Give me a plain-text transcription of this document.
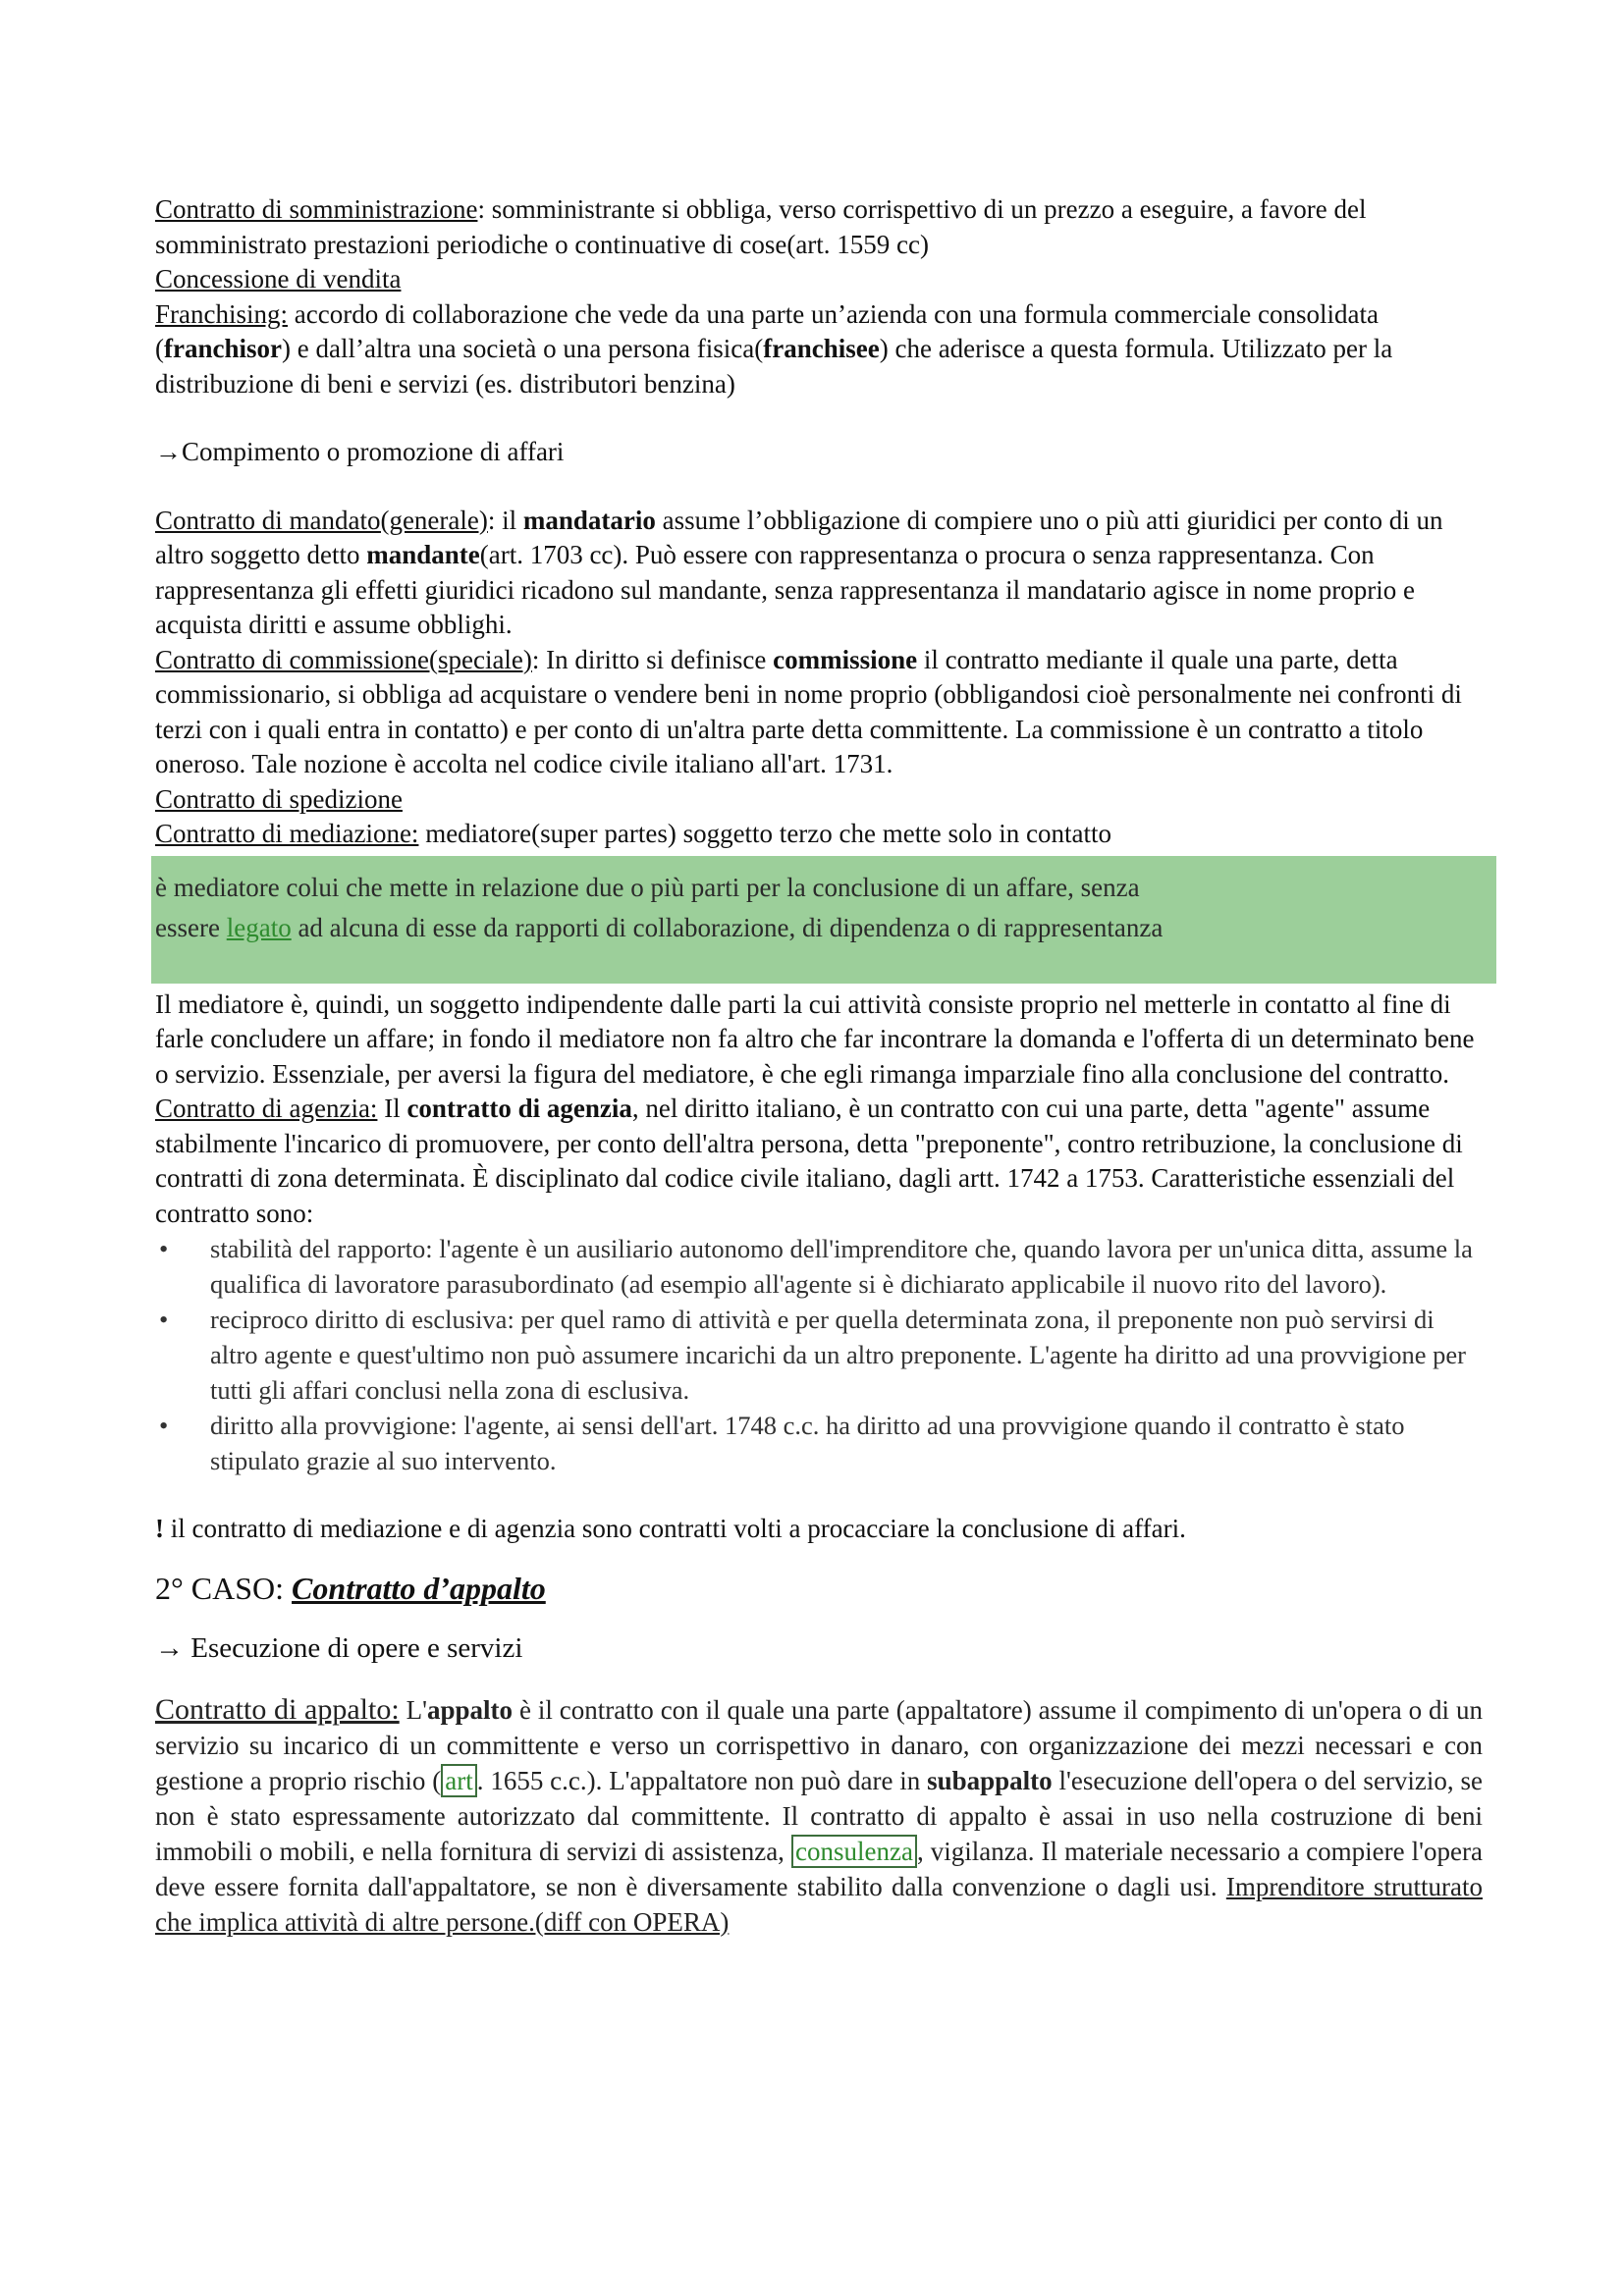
Contratto di somministrazione: somministrante si obbliga, verso corrispettivo di un prezzo a eseguire, a favore del somministrato prestazioni periodiche o continuative di cose(art. 1559 cc)

Concessione di vendita

Franchising: accordo di collaborazione che vede da una parte un’azienda con una formula commerciale consolidata (franchisor) e dall’altra una società o una persona fisica(franchisee) che aderisce a questa formula. Utilizzato per la distribuzione di beni e servizi (es. distributori benzina)

→Compimento o promozione di affari

Contratto di mandato(generale): il mandatario assume l’obbligazione di compiere uno o più atti giuridici per conto di un altro soggetto detto mandante(art. 1703 cc). Può essere con rappresentanza o procura o senza rappresentanza. Con rappresentanza gli effetti giuridici ricadono sul mandante, senza rappresentanza il mandatario agisce in nome proprio e acquista diritti e assume obblighi.

Contratto di commissione(speciale): In diritto si definisce commissione il contratto mediante il quale una parte, detta commissionario, si obbliga ad acquistare o vendere beni in nome proprio (obbligandosi cioè personalmente nei confronti di terzi con i quali entra in contatto) e per conto di un'altra parte detta committente. La commissione è un contratto a titolo oneroso. Tale nozione è accolta nel codice civile italiano all'art. 1731.

Contratto di spedizione

Contratto di mediazione: mediatore(super partes) soggetto terzo che mette solo in contatto

è mediatore colui che mette in relazione due o più parti per la conclusione di un affare, senza

essere legato ad alcuna di esse da rapporti di collaborazione, di dipendenza o di rappresentanza

Il mediatore è, quindi, un soggetto indipendente dalle parti la cui attività consiste proprio nel metterle in contatto al fine di farle concludere un affare; in fondo il mediatore non fa altro che far incontrare la domanda e l'offerta di un determinato bene o servizio. Essenziale, per aversi la figura del mediatore, è che egli rimanga imparziale fino alla conclusione del contratto.

Contratto di agenzia: Il contratto di agenzia, nel diritto italiano, è un contratto con cui una parte, detta "agente" assume stabilmente l'incarico di promuovere, per conto dell'altra persona, detta "preponente", contro retribuzione, la conclusione di contratti di zona determinata. È disciplinato dal codice civile italiano, dagli artt. 1742 a 1753. Caratteristiche essenziali del contratto sono:

• stabilità del rapporto: l'agente è un ausiliario autonomo dell'imprenditore che, quando lavora per un'unica ditta, assume la qualifica di lavoratore parasubordinato (ad esempio all'agente si è dichiarato applicabile il nuovo rito del lavoro).
• reciproco diritto di esclusiva: per quel ramo di attività e per quella determinata zona, il preponente non può servirsi di altro agente e quest'ultimo non può assumere incarichi da un altro preponente. L'agente ha diritto ad una provvigione per tutti gli affari conclusi nella zona di esclusiva.
• diritto alla provvigione: l'agente, ai sensi dell'art. 1748 c.c. ha diritto ad una provvigione quando il contratto è stato stipulato grazie al suo intervento.

! il contratto di mediazione e di agenzia sono contratti volti a procacciare la conclusione di affari.

2° CASO: Contratto d’appalto

→ Esecuzione di opere e servizi

Contratto di appalto: L'appalto è il contratto con il quale una parte (appaltatore) assume il compimento di un'opera o di un servizio su incarico di un committente e verso un corrispettivo in danaro, con organizzazione dei mezzi necessari e con gestione a proprio rischio ( art . 1655 c.c.). L'appaltatore non può dare in subappalto l'esecuzione dell'opera o del servizio, se non è stato espressamente autorizzato dal committente. Il contratto di appalto è assai in uso nella costruzione di beni immobili o mobili, e nella fornitura di servizi di assistenza, consulenza , vigilanza. Il materiale necessario a compiere l'opera deve essere fornita dall'appaltatore, se non è diversamente stabilito dalla convenzione o dagli usi. Imprenditore strutturato che implica attività di altre persone.(diff con OPERA)
